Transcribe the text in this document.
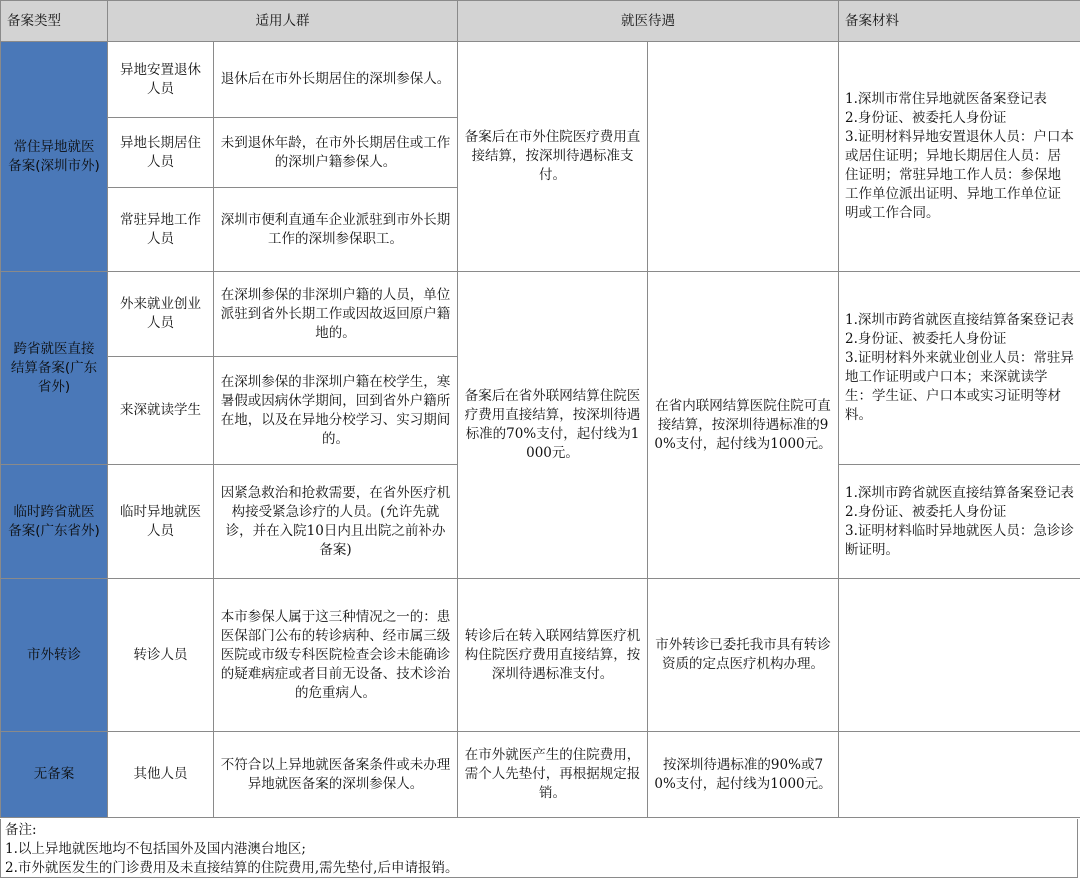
备案类型	适用人群		就医待遇		备案材料
常住异地就医备案(深圳市外)	异地安置退休人员	退休后在市外长期居住的深圳参保人。	备案后在市外住院医疗费用直接结算，按深圳待遇标准支付。		1.深圳市常住异地就医备案登记表
2.身份证、被委托人身份证
3.证明材料异地安置退休人员：户口本或居住证明；异地长期居住人员：居住证明；常驻异地工作人员：参保地工作单位派出证明、异地工作单位证明或工作合同。
	异地长期居住人员	未到退休年龄，在市外长期居住或工作的深圳户籍参保人。			
	常驻异地工作人员	深圳市便利直通车企业派驻到市外长期工作的深圳参保职工。			
跨省就医直接结算备案(广东省外)	外来就业创业人员	在深圳参保的非深圳户籍的人员，单位派驻到省外长期工作或因故返回原户籍地的。	备案后在省外联网结算住院医疗费用直接结算，按深圳待遇标准的70%支付，起付线为1000元。	在省内联网结算医院住院可直接结算，按深圳待遇标准的90%支付，起付线为1000元。	1.深圳市跨省就医直接结算备案登记表
2.身份证、被委托人身份证
3.证明材料外来就业创业人员：常驻异地工作证明或户口本；来深就读学生：学生证、户口本或实习证明等材料。
	来深就读学生	在深圳参保的非深圳户籍在校学生，寒暑假或因病休学期间，回到省外户籍所在地，以及在异地分校学习、实习期间的。			
临时跨省就医备案(广东省外)	临时异地就医人员	因紧急救治和抢救需要，在省外医疗机构接受紧急诊疗的人员。(允许先就诊，并在入院10日内且出院之前补办备案)			1.深圳市跨省就医直接结算备案登记表
2.身份证、被委托人身份证
3.证明材料临时异地就医人员：急诊诊断证明。
市外转诊	转诊人员	本市参保人属于这三种情况之一的：患医保部门公布的转诊病种、经市属三级医院或市级专科医院检查会诊未能确诊的疑难病症或者目前无设备、技术诊治的危重病人。	转诊后在转入联网结算医疗机构住院医疗费用直接结算，按深圳待遇标准支付。	市外转诊已委托我市具有转诊资质的定点医疗机构办理。	
无备案	其他人员	不符合以上异地就医备案条件或未办理异地就医备案的深圳参保人。	在市外就医产生的住院费用，需个人先垫付，再根据规定报销。	按深圳待遇标准的90%或70%支付，起付线为1000元。	
备注:
1.以上异地就医地均不包括国外及国内港澳台地区;
2.市外就医发生的门诊费用及未直接结算的住院费用,需先垫付,后申请报销。
